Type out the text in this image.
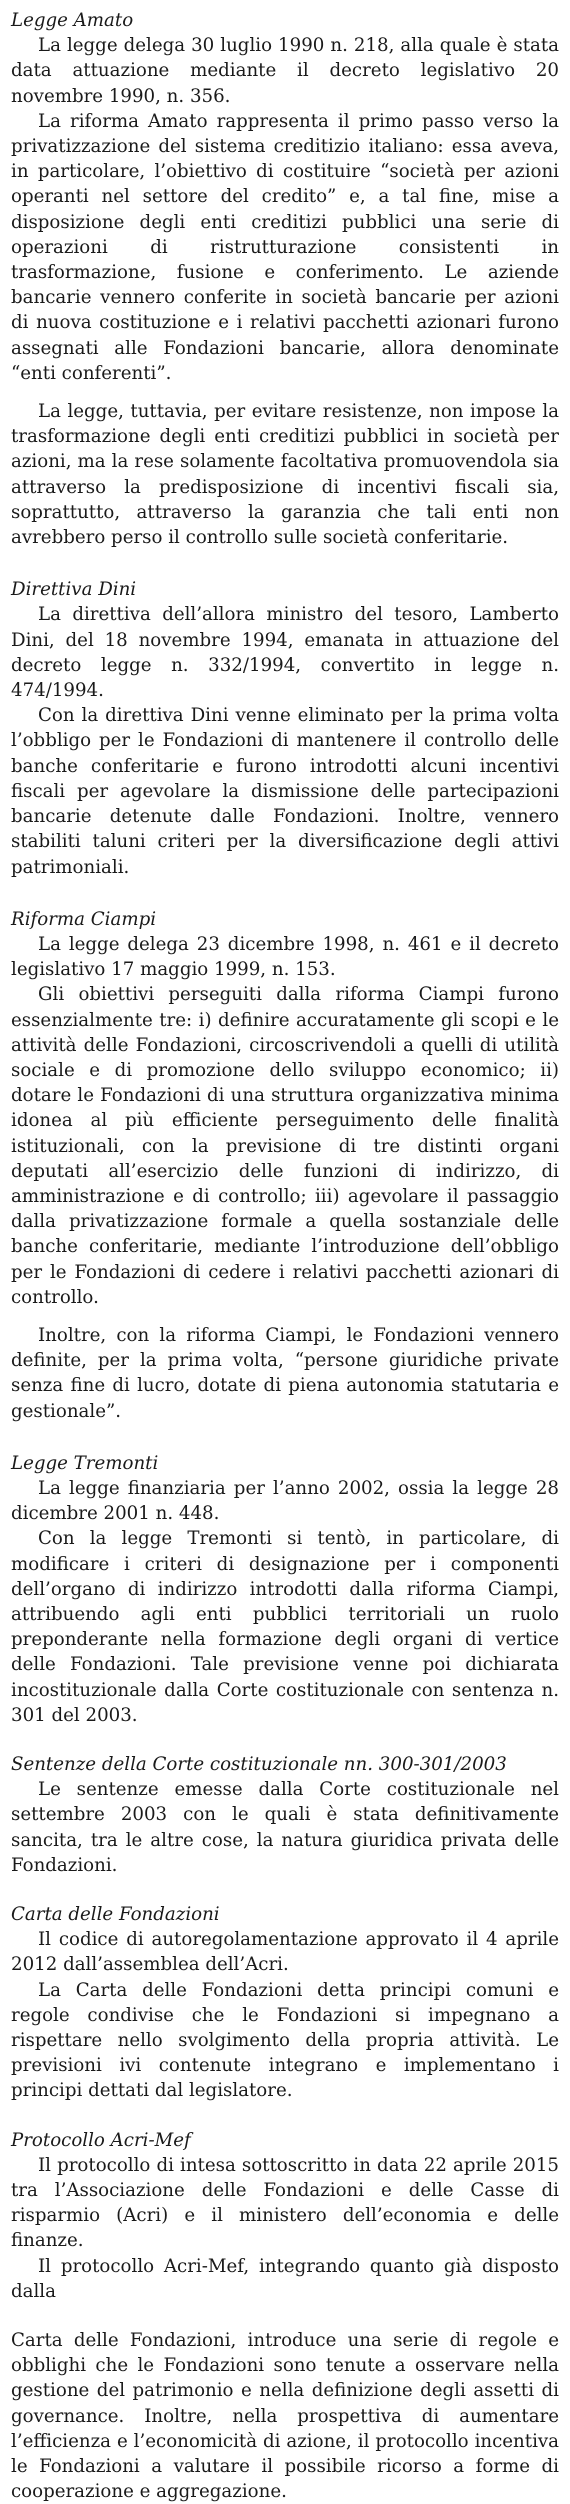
Legge Amato

La legge delega 30 luglio 1990 n. 218, alla quale è stata data attuazione mediante il decreto legislativo 20 novembre 1990, n. 356.

La riforma Amato rappresenta il primo passo verso la privatizzazione del sistema creditizio italiano: essa aveva, in particolare, l’obiettivo di costituire “società per azioni operanti nel settore del credito” e, a tal fine, mise a disposizione degli enti creditizi pubblici una serie di operazioni di ristrutturazione consistenti in trasformazione, fusione e conferimento. Le aziende bancarie vennero conferite in società bancarie per azioni di nuova costituzione e i relativi pacchetti azionari furono assegnati alle Fondazioni bancarie, allora denominate “enti conferenti”.

La legge, tuttavia, per evitare resistenze, non impose la trasformazione degli enti creditizi pubblici in società per azioni, ma la rese solamente facoltativa promuovendola sia attraverso la predisposizione di incentivi fiscali sia, soprattutto, attraverso la garanzia che tali enti non avrebbero perso il controllo sulle società conferitarie.

Direttiva Dini

La direttiva dell’allora ministro del tesoro, Lamberto Dini, del 18 novembre 1994, emanata in attuazione del decreto legge n. 332/1994, convertito in legge n. 474/1994.

Con la direttiva Dini venne eliminato per la prima volta l’obbligo per le Fondazioni di mantenere il controllo delle banche conferitarie e furono introdotti alcuni incentivi fiscali per agevolare la dismissione delle partecipazioni bancarie detenute dalle Fondazioni. Inoltre, vennero stabiliti taluni criteri per la diversificazione degli attivi patrimoniali.

Riforma Ciampi

La legge delega 23 dicembre 1998, n. 461 e il decreto legislativo 17 maggio 1999, n. 153.

Gli obiettivi perseguiti dalla riforma Ciampi furono essenzialmente tre: i) definire accuratamente gli scopi e le attività delle Fondazioni, circoscrivendoli a quelli di utilità sociale e di promozione dello sviluppo economico; ii) dotare le Fondazioni di una struttura organizzativa minima idonea al più efficiente perseguimento delle finalità istituzionali, con la previsione di tre distinti organi deputati all’esercizio delle funzioni di indirizzo, di amministrazione e di controllo; iii) agevolare il passaggio dalla privatizzazione formale a quella sostanziale delle banche conferitarie, mediante l’introduzione dell’obbligo per le Fondazioni di cedere i relativi pacchetti azionari di controllo.

Inoltre, con la riforma Ciampi, le Fondazioni vennero definite, per la prima volta, “persone giuridiche private senza fine di lucro, dotate di piena autonomia statutaria e gestionale”.

Legge Tremonti

La legge finanziaria per l’anno 2002, ossia la legge 28 dicembre 2001 n. 448.

Con la legge Tremonti si tentò, in particolare, di modificare i criteri di designazione per i componenti dell’organo di indirizzo introdotti dalla riforma Ciampi, attribuendo agli enti pubblici territoriali un ruolo preponderante nella formazione degli organi di vertice delle Fondazioni. Tale previsione venne poi dichiarata incostituzionale dalla Corte costituzionale con sentenza n. 301 del 2003.

Sentenze della Corte costituzionale nn. 300-301/2003

Le sentenze emesse dalla Corte costituzionale nel settembre 2003 con le quali è stata definitivamente sancita, tra le altre cose, la natura giuridica privata delle Fondazioni.

Carta delle Fondazioni

Il codice di autoregolamentazione approvato il 4 aprile 2012 dall’assemblea dell’Acri.

La Carta delle Fondazioni detta principi comuni e regole condivise che le Fondazioni si impegnano a rispettare nello svolgimento della propria attività. Le previsioni ivi contenute integrano e implementano i principi dettati dal legislatore.

Protocollo Acri-Mef

Il protocollo di intesa sottoscritto in data 22 aprile 2015 tra l’Associazione delle Fondazioni e delle Casse di risparmio (Acri) e il ministero dell’economia e delle finanze.

Il protocollo Acri-Mef, integrando quanto già disposto dalla

Carta delle Fondazioni, introduce una serie di regole e obblighi che le Fondazioni sono tenute a osservare nella gestione del patrimonio e nella definizione degli assetti di governance. Inoltre, nella prospettiva di aumentare l’efficienza e l’economicità di azione, il protocollo incentiva le Fondazioni a valutare il possibile ricorso a forme di cooperazione e aggregazione.
